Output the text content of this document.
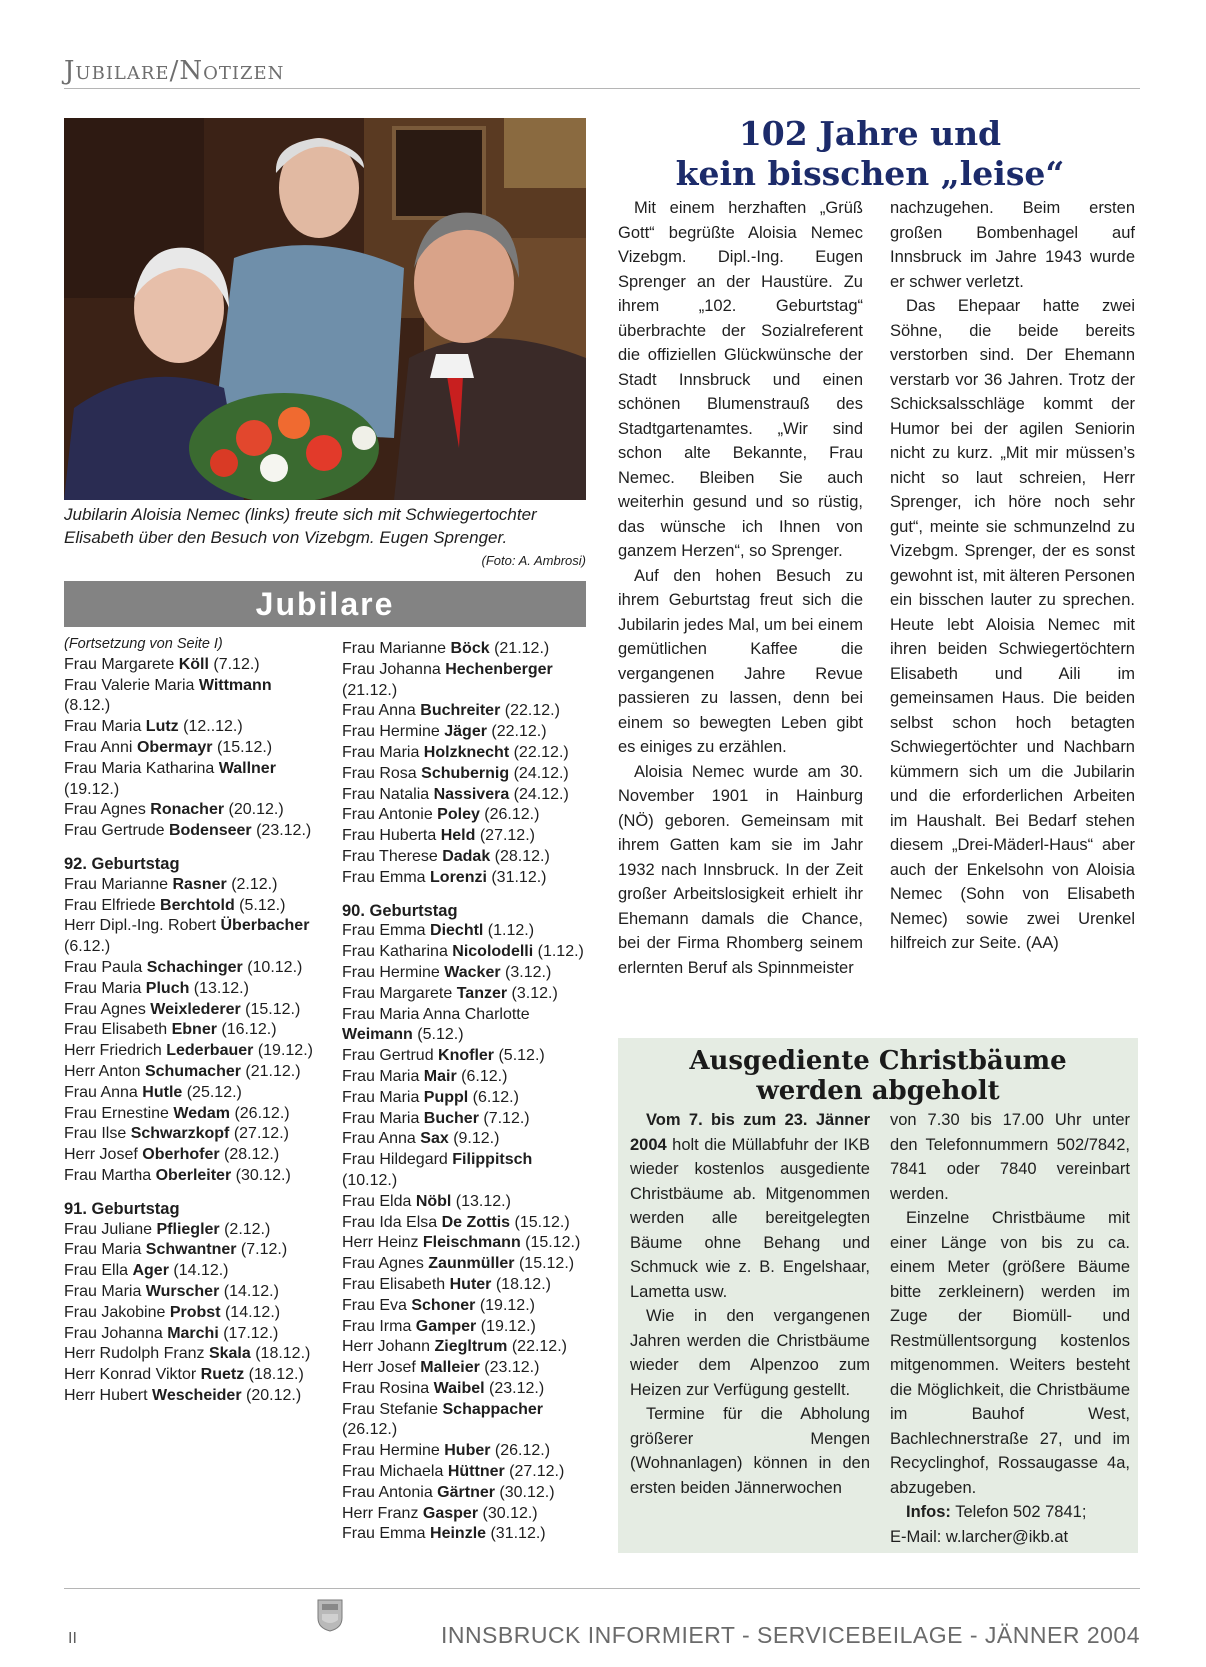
Jubilare/Notizen
Jubilarin Aloisia Nemec (links) freute sich mit Schwiegertochter Elisabeth über den Besuch von Vizebgm. Eugen Sprenger.
(Foto: A. Ambrosi)
Jubilare

(Fortsetzung von Seite I)

Frau Margarete Köll (7.12.)

Frau Valerie Maria Wittmann (8.12.)

Frau Maria Lutz (12..12.)

Frau Anni Obermayr (15.12.)

Frau Maria Katharina Wallner (19.12.)

Frau Agnes Ronacher (20.12.)

Frau Gertrude Bodenseer (23.12.)

92. Geburtstag

Frau Marianne Rasner (2.12.)

Frau Elfriede Berchtold (5.12.)

Herr Dipl.-Ing. Robert Überbacher (6.12.)

Frau Paula Schachinger (10.12.)

Frau Maria Pluch (13.12.)

Frau Agnes Weixlederer (15.12.)

Frau Elisabeth Ebner (16.12.)

Herr Friedrich Lederbauer (19.12.)

Herr Anton Schumacher (21.12.)

Frau Anna Hutle (25.12.)

Frau Ernestine Wedam (26.12.)

Frau Ilse Schwarzkopf (27.12.)

Herr Josef Oberhofer (28.12.)

Frau Martha Oberleiter (30.12.)

91. Geburtstag

Frau Juliane Pfliegler (2.12.)

Frau Maria Schwantner (7.12.)

Frau Ella Ager (14.12.)

Frau Maria Wurscher (14.12.)

Frau Jakobine Probst (14.12.)

Frau Johanna Marchi (17.12.)

Herr Rudolph Franz Skala (18.12.)

Herr Konrad Viktor Ruetz (18.12.)

Herr Hubert Wescheider (20.12.)

Frau Marianne Böck (21.12.)

Frau Johanna Hechenberger (21.12.)

Frau Anna Buchreiter (22.12.)

Frau Hermine Jäger (22.12.)

Frau Maria Holzknecht (22.12.)

Frau Rosa Schubernig (24.12.)

Frau Natalia Nassivera (24.12.)

Frau Antonie Poley (26.12.)

Frau Huberta Held (27.12.)

Frau Therese Dadak (28.12.)

Frau Emma Lorenzi (31.12.)

90. Geburtstag

Frau Emma Diechtl (1.12.)

Frau Katharina Nicolodelli (1.12.)

Frau Hermine Wacker (3.12.)

Frau Margarete Tanzer (3.12.)

Frau Maria Anna Charlotte Weimann (5.12.)

Frau Gertrud Knofler (5.12.)

Frau Maria Mair (6.12.)

Frau Maria Puppl (6.12.)

Frau Maria Bucher (7.12.)

Frau Anna Sax (9.12.)

Frau Hildegard Filippitsch (10.12.)

Frau Elda Nöbl (13.12.)

Frau Ida Elsa De Zottis (15.12.)

Herr Heinz Fleischmann (15.12.)

Frau Agnes Zaunmüller (15.12.)

Frau Elisabeth Huter (18.12.)

Frau Eva Schoner (19.12.)

Frau Irma Gamper (19.12.)

Herr Johann Ziegltrum (22.12.)

Herr Josef Malleier (23.12.)

Frau Rosina Waibel (23.12.)

Frau Stefanie Schappacher (26.12.)

Frau Hermine Huber (26.12.)

Frau Michaela Hüttner (27.12.)

Frau Antonia Gärtner (30.12.)

Herr Franz Gasper (30.12.)

Frau Emma Heinzle (31.12.)

102 Jahre und
kein bisschen „leise“

Mit einem herzhaften „Grüß Gott“ begrüßte Aloisia Nemec Vizebgm. Dipl.-Ing. Eugen Sprenger an der Haustüre. Zu ihrem „102. Geburtstag“ überbrachte der Sozialreferent die offiziellen Glückwünsche der Stadt Innsbruck und einen schönen Blumenstrauß des Stadtgartenamtes. „Wir sind schon alte Bekannte, Frau Nemec. Bleiben Sie auch weiterhin gesund und so rüstig, das wünsche ich Ihnen von ganzem Herzen“, so Sprenger.

Auf den hohen Besuch zu ihrem Geburtstag freut sich die Jubilarin jedes Mal, um bei einem gemütlichen Kaffee die vergangenen Jahre Revue passieren zu lassen, denn bei einem so bewegten Leben gibt es einiges zu erzählen.

Aloisia Nemec wurde am 30. November 1901 in Hainburg (NÖ) geboren. Gemeinsam mit ihrem Gatten kam sie im Jahr 1932 nach Innsbruck. In der Zeit großer Arbeitslosigkeit erhielt ihr Ehemann damals die Chance, bei der Firma Rhomberg seinem erlernten Beruf als Spinnmeister

nachzugehen. Beim ersten großen Bombenhagel auf Innsbruck im Jahre 1943 wurde er schwer verletzt.

Das Ehepaar hatte zwei Söhne, die beide bereits verstorben sind. Der Ehemann verstarb vor 36 Jahren. Trotz der Schicksalsschläge kommt der Humor bei der agilen Seniorin nicht zu kurz. „Mit mir müssen’s nicht so laut schreien, Herr Sprenger, ich höre noch sehr gut“, meinte sie schmunzelnd zu Vizebgm. Sprenger, der es sonst gewohnt ist, mit älteren Personen ein bisschen lauter zu sprechen. Heute lebt Aloisia Nemec mit ihren beiden Schwiegertöchtern Elisabeth und Aili im gemeinsamen Haus. Die beiden selbst schon hoch betagten Schwiegertöchter und Nachbarn kümmern sich um die Jubilarin und die erforderlichen Arbeiten im Haushalt. Bei Bedarf stehen diesem „Drei-Mäderl-Haus“ aber auch der Enkelsohn von Aloisia Nemec (Sohn von Elisabeth Nemec) sowie zwei Urenkel hilfreich zur Seite. (AA)

Ausgediente Christbäume
werden abgeholt

Vom 7. bis zum 23. Jänner 2004 holt die Müllabfuhr der IKB wieder kostenlos ausgediente Christbäume ab. Mitgenommen werden alle bereitgelegten Bäume ohne Behang und Schmuck wie z. B. Engelshaar, Lametta usw.

Wie in den vergangenen Jahren werden die Christbäume wieder dem Alpenzoo zum Heizen zur Verfügung gestellt.

Termine für die Abholung größerer Mengen (Wohnanlagen) können in den ersten beiden Jännerwochen

von 7.30 bis 17.00 Uhr unter den Telefonnummern 502/7842, 7841 oder 7840 vereinbart werden.

Einzelne Christbäume mit einer Länge von bis zu ca. einem Meter (größere Bäume bitte zerkleinern) werden im Zuge der Biomüll- und Restmüllentsorgung kostenlos mitgenommen. Weiters besteht die Möglichkeit, die Christbäume im Bauhof West, Bachlechnerstraße 27, und im Recyclinghof, Rossaugasse 4a, abzugeben.

Infos: Telefon 502 7841;

E-Mail: w.larcher@ikb.at

II	INNSBRUCK INFORMIERT - SERVICEBEILAGE - JÄNNER 2004
